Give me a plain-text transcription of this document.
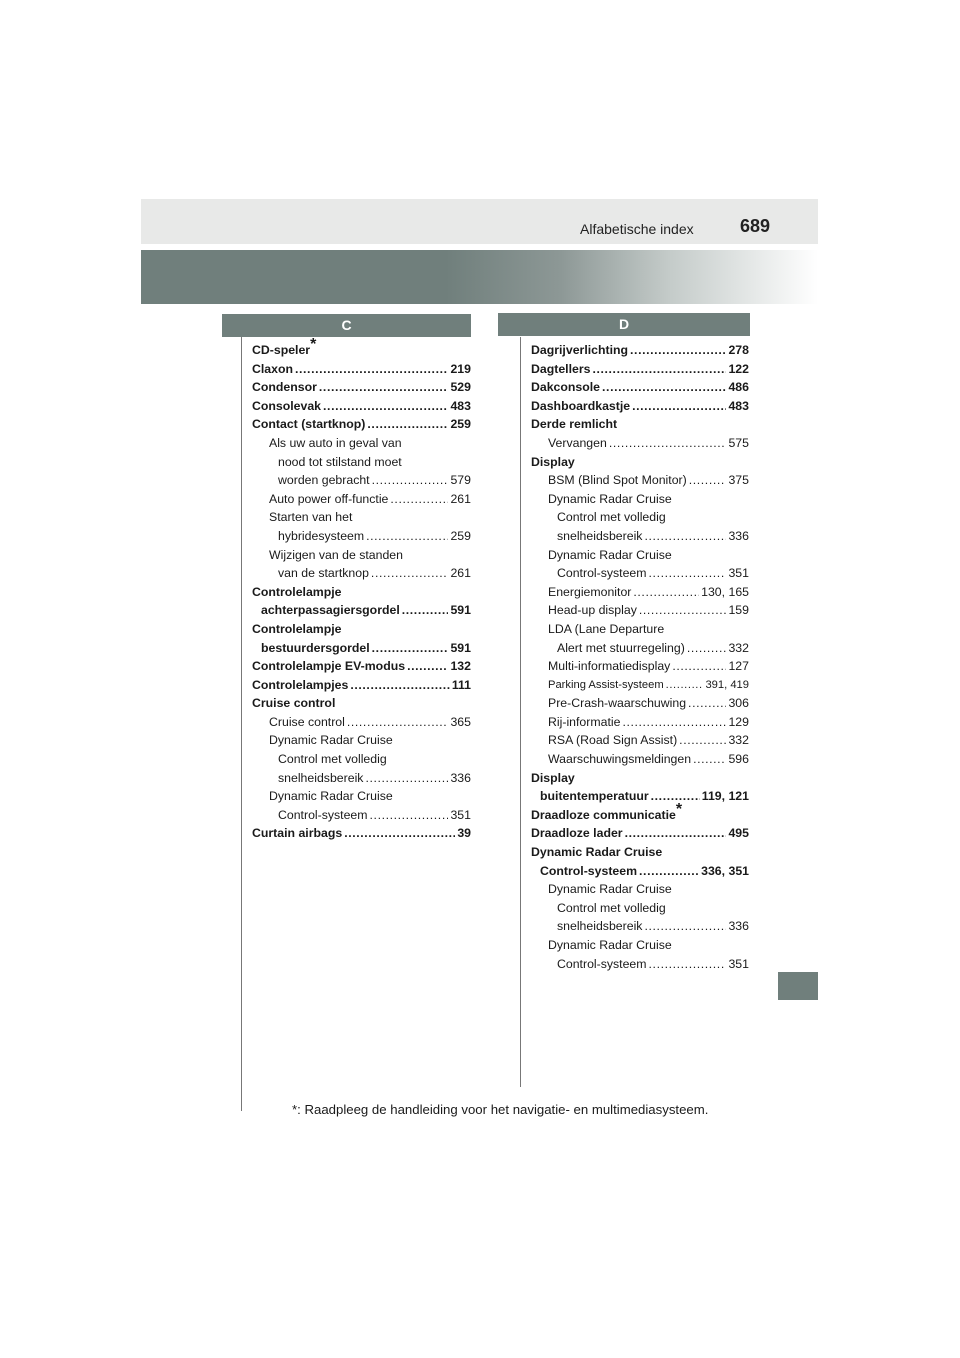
Alfabetische index	689
C	D
CD-speler*
Claxon .....	219
Condensor .....	529
Consolevak .....	483
Contact (startknop) .....	259
Als uw auto in geval van
nood tot stilstand moet
worden gebracht .....	579
Auto power off-functie .....	261
Starten van het
hybridesysteem .....	259
Wijzigen van de standen
van de startknop .....	261
Controlelampje
achterpassagiersgordel .....	591
Controlelampje
bestuurdersgordel .....	591
Controlelampje EV-modus .....	132
Controlelampjes .....	111
Cruise control
Cruise control .....	365
Dynamic Radar Cruise
Control met volledig
snelheidsbereik .....	336
Dynamic Radar Cruise
Control-systeem .....	351
Curtain airbags .....	39
Dagrijverlichting .....	278
Dagtellers .....	122
Dakconsole .....	486
Dashboardkastje .....	483
Derde remlicht
Vervangen .....	575
Display
BSM (Blind Spot Monitor) .....	375
Dynamic Radar Cruise
Control met volledig
snelheidsbereik .....	336
Dynamic Radar Cruise
Control-systeem .....	351
Energiemonitor .....	130, 165
Head-up display .....	159
LDA (Lane Departure
Alert met stuurregeling) .....	332
Multi-informatiedisplay .....	127
Parking Assist-systeem .....	391, 419
Pre-Crash-waarschuwing .....	306
Rij-informatie .....	129
RSA (Road Sign Assist) .....	332
Waarschuwingsmeldingen .....	596
Display
buitentemperatuur .....	119, 121
Draadloze communicatie*
Draadloze lader .....	495
Dynamic Radar Cruise
Control-systeem .....	336, 351
Dynamic Radar Cruise
Control met volledig
snelheidsbereik .....	336
Dynamic Radar Cruise
Control-systeem .....	351
*: Raadpleeg de handleiding voor het navigatie- en multimediasysteem.
